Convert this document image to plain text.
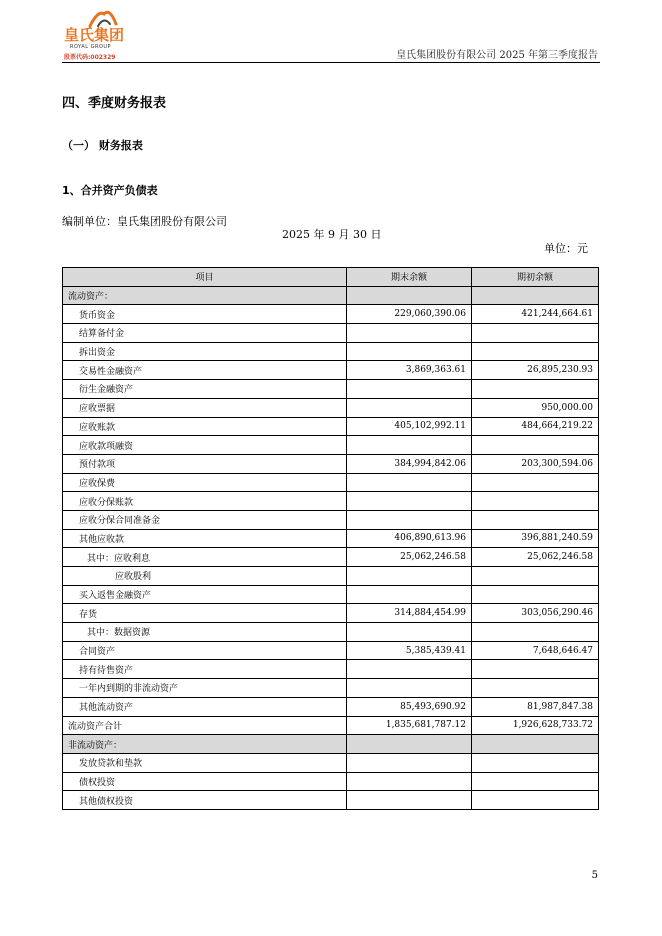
皇氏集团
ROYAL GROUP
股票代码:002329	皇氏集团股份有限公司 2025 年第三季度报告
四、季度财务报表
（一） 财务报表
1、合并资产负债表
编制单位：皇氏集团股份有限公司
2025 年 9 月 30 日
单位：元
项目	期末余额	期初余额
流动资产：		
货币资金	229,060,390.06	421,244,664.61
结算备付金		
拆出资金		
交易性金融资产	3,869,363.61	26,895,230.93
衍生金融资产		
应收票据		950,000.00
应收账款	405,102,992.11	484,664,219.22
应收款项融资		
预付款项	384,994,842.06	203,300,594.06
应收保费		
应收分保账款		
应收分保合同准备金		
其他应收款	406,890,613.96	396,881,240.59
其中：应收利息	25,062,246.58	25,062,246.58
应收股利		
买入返售金融资产		
存货	314,884,454.99	303,056,290.46
其中：数据资源		
合同资产	5,385,439.41	7,648,646.47
持有待售资产		
一年内到期的非流动资产		
其他流动资产	85,493,690.92	81,987,847.38
流动资产合计	1,835,681,787.12	1,926,628,733.72
非流动资产：		
发放贷款和垫款		
债权投资		
其他债权投资		
5
